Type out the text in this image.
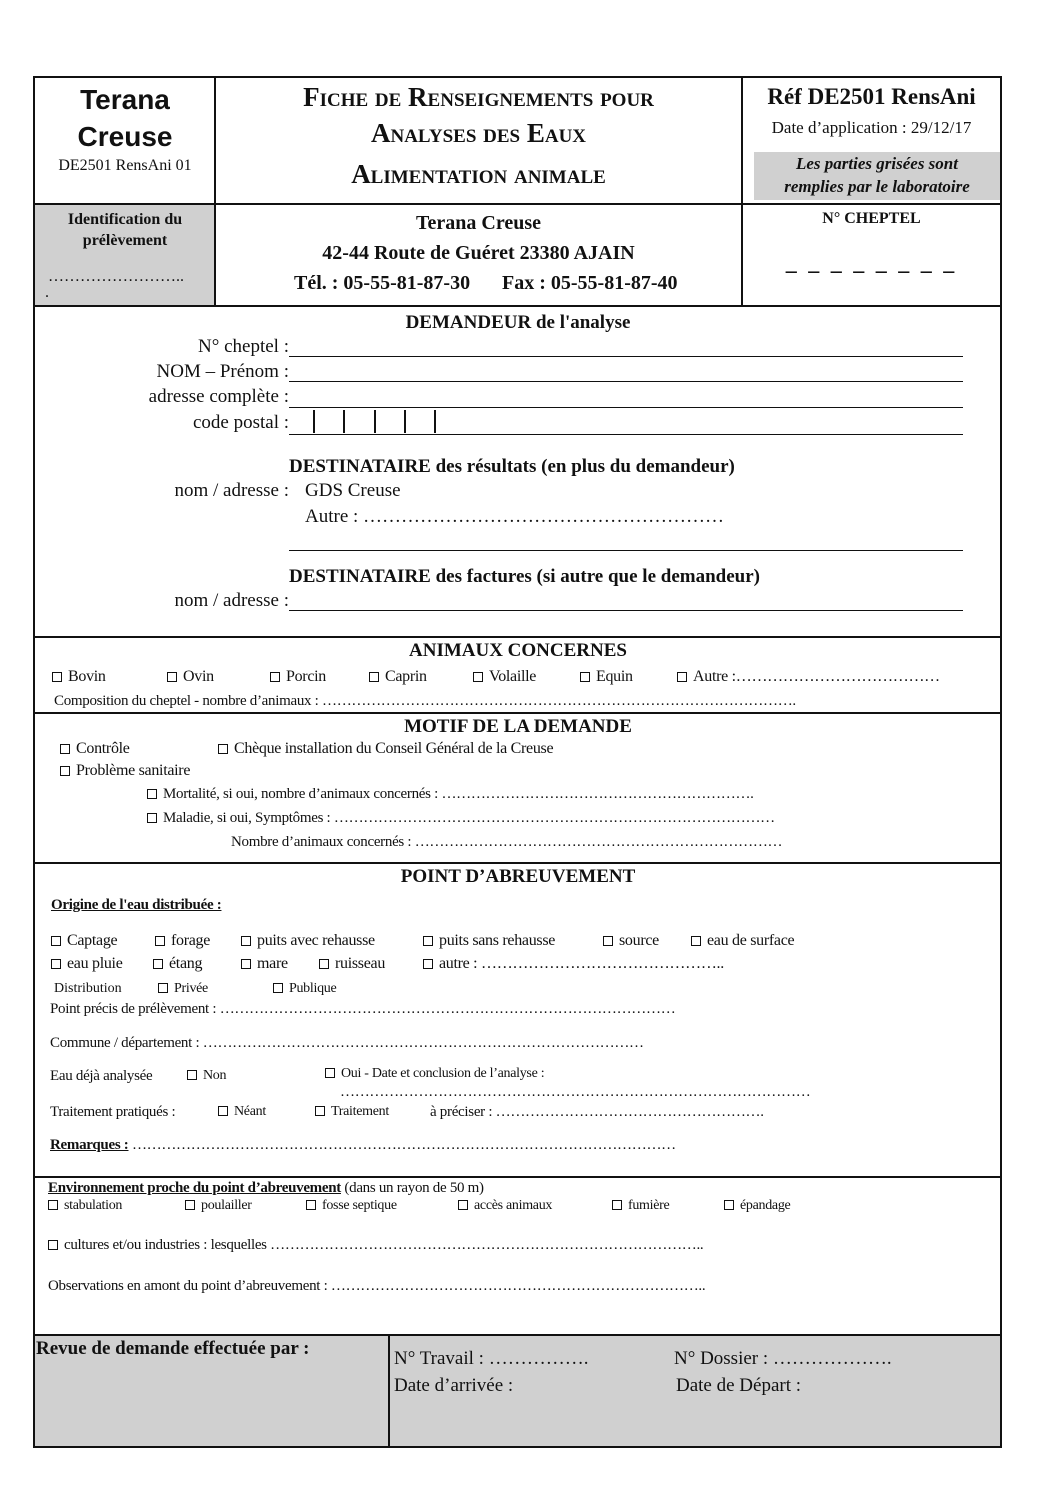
Terana
Creuse
DE2501 RensAni 01
Fiche de Renseignements pour
Analyses des Eaux
Alimentation animale
Réf DE2501 RensAni
Date d’application : 29/12/17
Les parties grisées sont
remplies par le laboratoire
Identification du
prélèvement
……………………..
.
Terana Creuse
42-44 Route de Guéret 23380 AJAIN
Tél. : 05-55-81-87-30 Fax : 05-55-81-87-40
N° CHEPTEL
_ _ _ _ _ _ _ _
DEMANDEUR de l'analyse
N° cheptel :
NOM – Prénom :
adresse complète :
code postal :
DESTINATAIRE des résultats (en plus du demandeur)
nom / adresse : GDS Creuse
Autre : …………………………………………………
DESTINATAIRE des factures (si autre que le demandeur)
nom / adresse :
ANIMAUX CONCERNES
Bovin	Ovin	Porcin	Caprin	Volaille	Equin	Autre :…………………………………
Composition du cheptel - nombre d’animaux : …………………………………………………………………………………….
MOTIF DE LA DEMANDE
Contrôle	Chèque installation du Conseil Général de la Creuse
Problème sanitaire
Mortalité, si oui, nombre d’animaux concernés : ……………………………………………………….
Maladie, si oui, Symptômes : ………………………………………………………………………………
Nombre d’animaux concernés : …………………………………………………………………
POINT D’ABREUVEMENT
Origine de l'eau distribuée :
Captage	forage	puits avec rehausse	puits sans rehausse	source	eau de surface
eau pluie	étang	mare	ruisseau	autre : ………………………………………..
Distribution	Privée	Publique
Point précis de prélèvement : …………………………………………………………………………………
Commune / département : ………………………………………………………………………………
Eau déjà analysée	Non	Oui - Date et conclusion de l’analyse :
……………………………………………………………………………………
Traitement pratiqués :	Néant	Traitement	à préciser : ……………………………………………….
Remarques : …………………………………………………………………………………………………
Environnement proche du point d’abreuvement (dans un rayon de 50 m)
stabulation	poulailler	fosse septique	accès animaux	fumière	épandage
cultures et/ou industries : lesquelles ……………………………………………………………………………..
Observations en amont du point d’abreuvement : …………………………………………………………………..
Revue de demande effectuée par :	N° Travail : …………….	N° Dossier : ……………….
Date d’arrivée :	Date de Départ :
